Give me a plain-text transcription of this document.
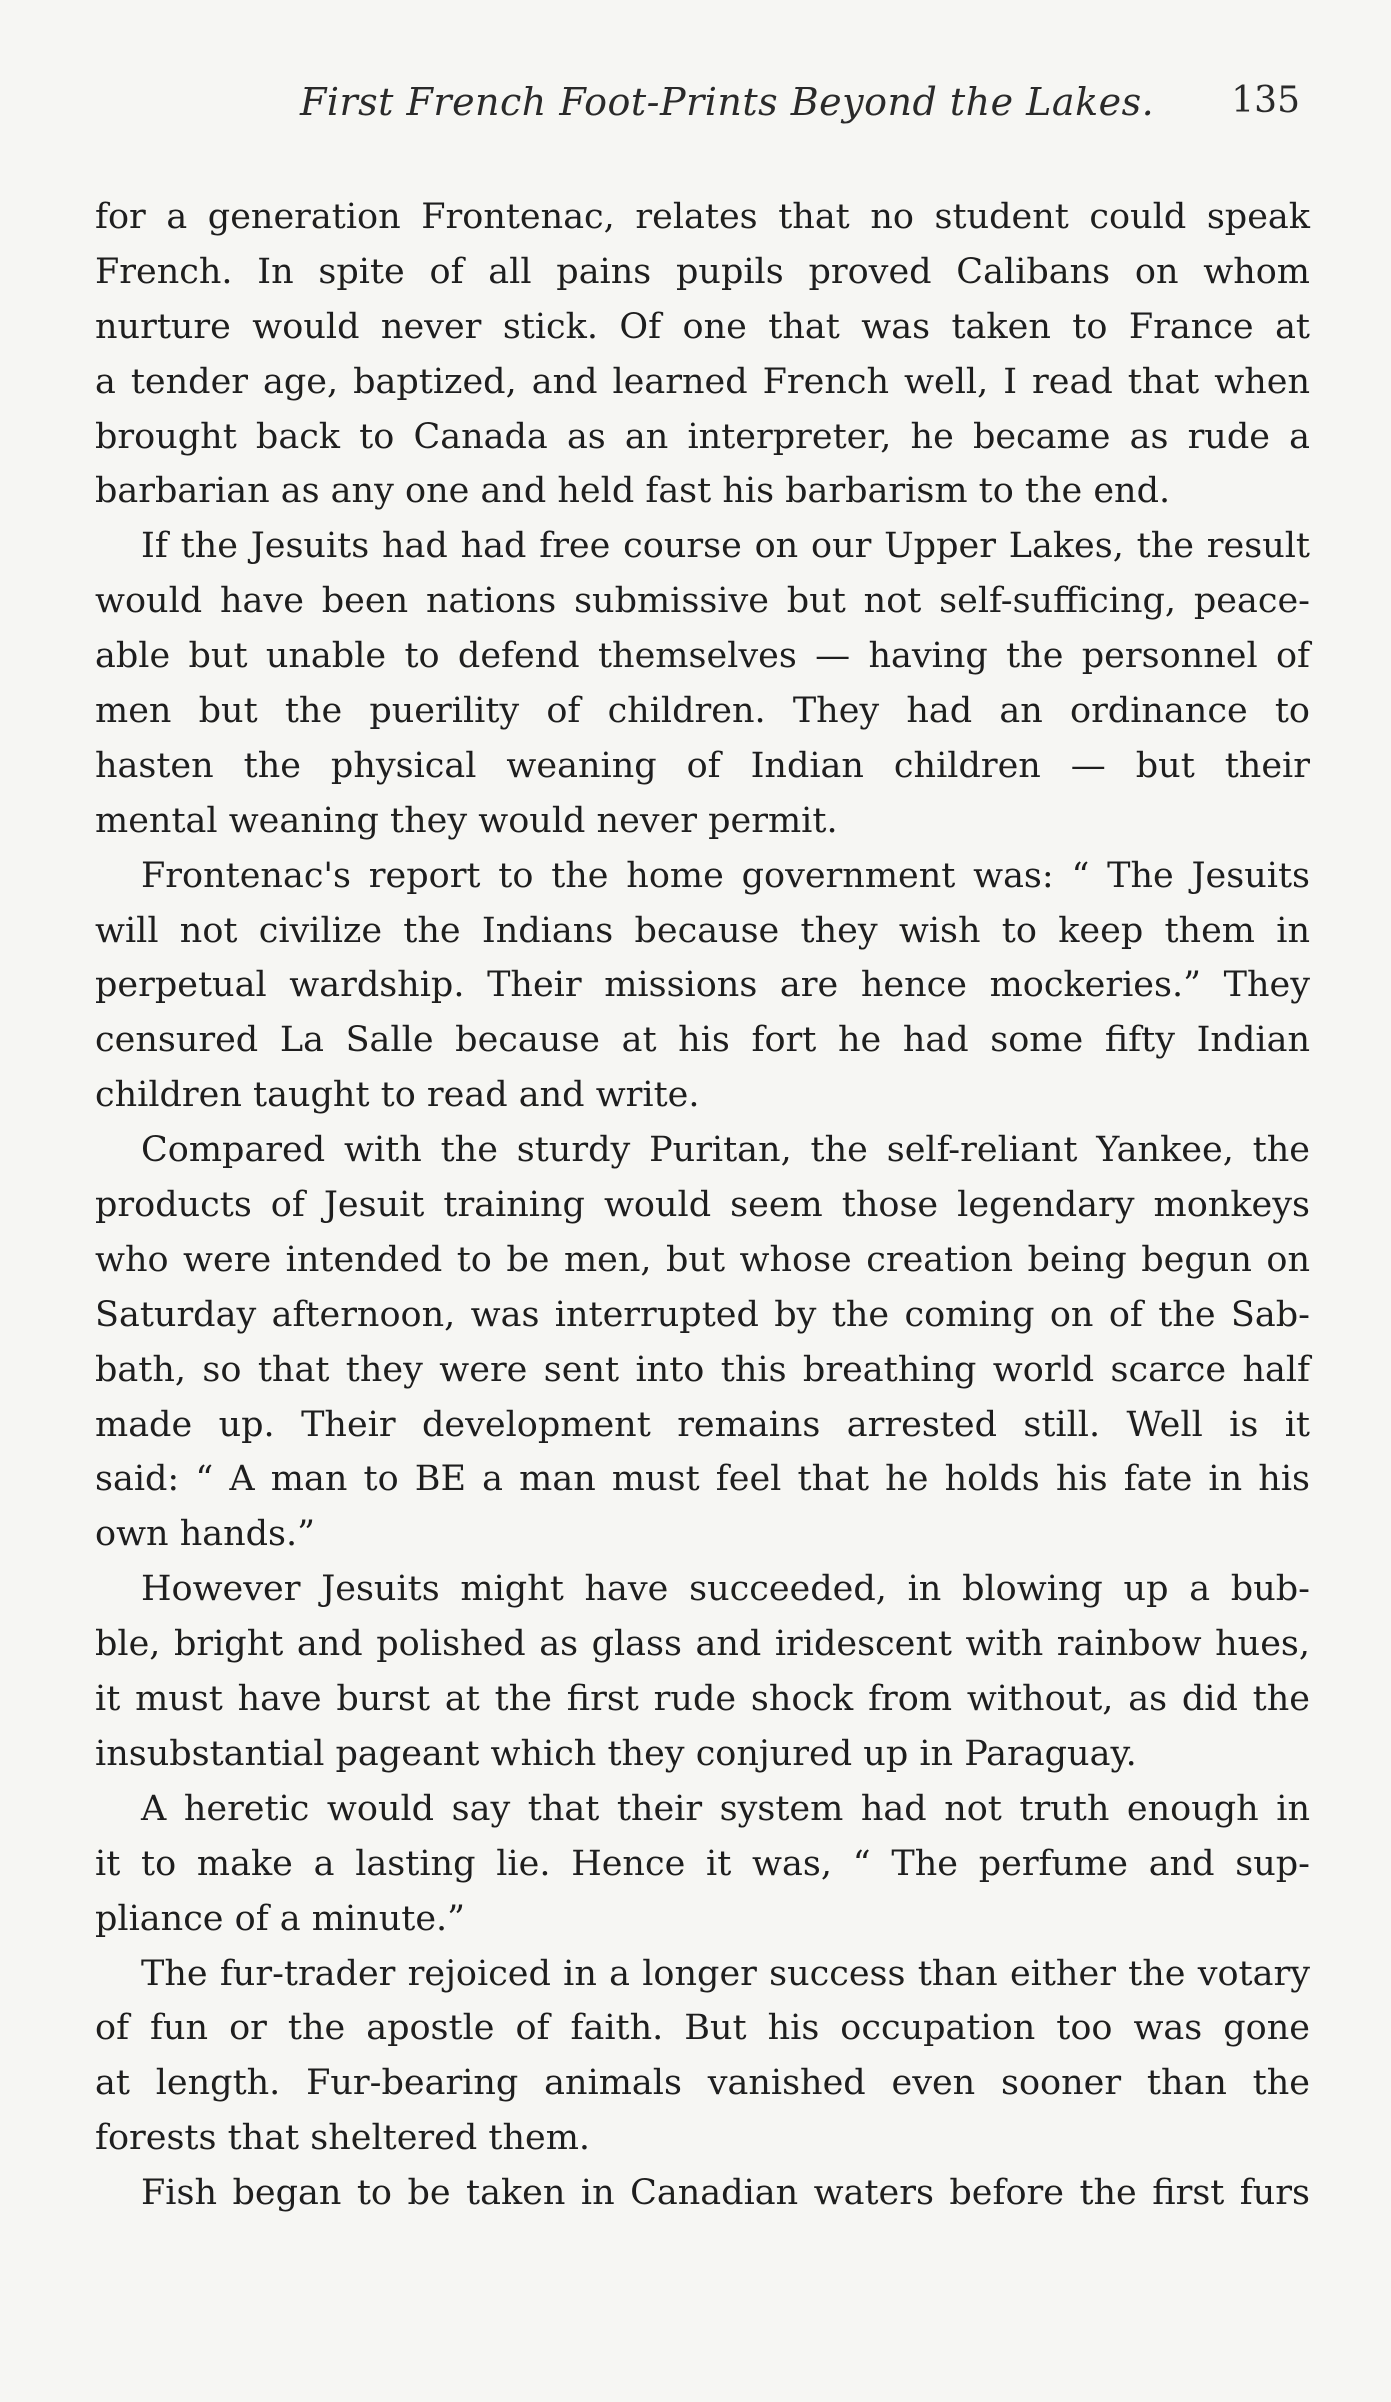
First French Foot-Prints Beyond the Lakes. 135
for a generation Frontenac, relates that no student could speak
French. In spite of all pains pupils proved Calibans on whom
nurture would never stick. Of one that was taken to France at
a tender age, baptized, and learned French well, I read that when
brought back to Canada as an interpreter, he became as rude a
barbarian as any one and held fast his barbarism to the end.
If the Jesuits had had free course on our Upper Lakes, the result
would have been nations submissive but not self-sufficing, peace-
able but unable to defend themselves — having the personnel of
men but the puerility of children. They had an ordinance to
hasten the physical weaning of Indian children — but their
mental weaning they would never permit.
Frontenac's report to the home government was: “ The Jesuits
will not civilize the Indians because they wish to keep them in
perpetual wardship. Their missions are hence mockeries.” They
censured La Salle because at his fort he had some fifty Indian
children taught to read and write.
Compared with the sturdy Puritan, the self-reliant Yankee, the
products of Jesuit training would seem those legendary monkeys
who were intended to be men, but whose creation being begun on
Saturday afternoon, was interrupted by the coming on of the Sab-
bath, so that they were sent into this breathing world scarce half
made up. Their development remains arrested still. Well is it
said: “ A man to BE a man must feel that he holds his fate in his
own hands.”
However Jesuits might have succeeded, in blowing up a bub-
ble, bright and polished as glass and iridescent with rainbow hues,
it must have burst at the first rude shock from without, as did the
insubstantial pageant which they conjured up in Paraguay.
A heretic would say that their system had not truth enough in
it to make a lasting lie. Hence it was, “ The perfume and sup-
pliance of a minute.”
The fur-trader rejoiced in a longer success than either the votary
of fun or the apostle of faith. But his occupation too was gone
at length. Fur-bearing animals vanished even sooner than the
forests that sheltered them.
Fish began to be taken in Canadian waters before the first furs
